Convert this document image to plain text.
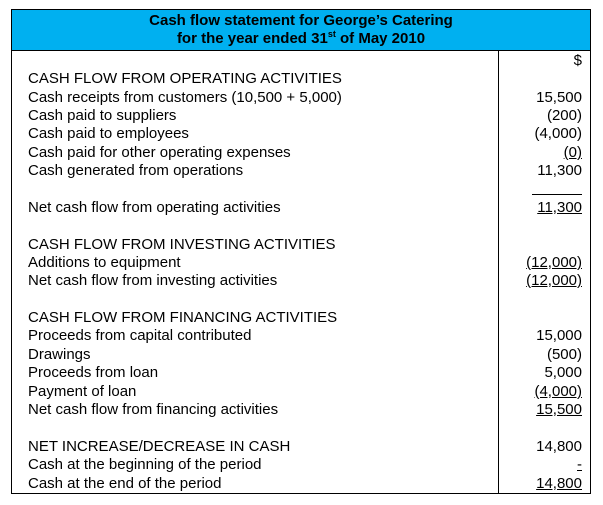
Cash flow statement for George’s Catering
for the year ended 31st of May 2010
$
CASH FLOW FROM OPERATING ACTIVITIES
Cash receipts from customers (10,500 + 5,000)	15,500
Cash paid to suppliers	(200)
Cash paid to employees	(4,000)
Cash paid for other operating expenses	(0)
Cash generated from operations	11,300
Net cash flow from operating activities	11,300
CASH FLOW FROM INVESTING ACTIVITIES
Additions to equipment	(12,000)
Net cash flow from investing activities	(12,000)
CASH FLOW FROM FINANCING ACTIVITIES
Proceeds from capital contributed	15,000
Drawings	(500)
Proceeds from loan	5,000
Payment of loan	(4,000)
Net cash flow from financing activities	15,500
NET INCREASE/DECREASE IN CASH	14,800
Cash at the beginning of the period	-
Cash at the end of the period	14,800
